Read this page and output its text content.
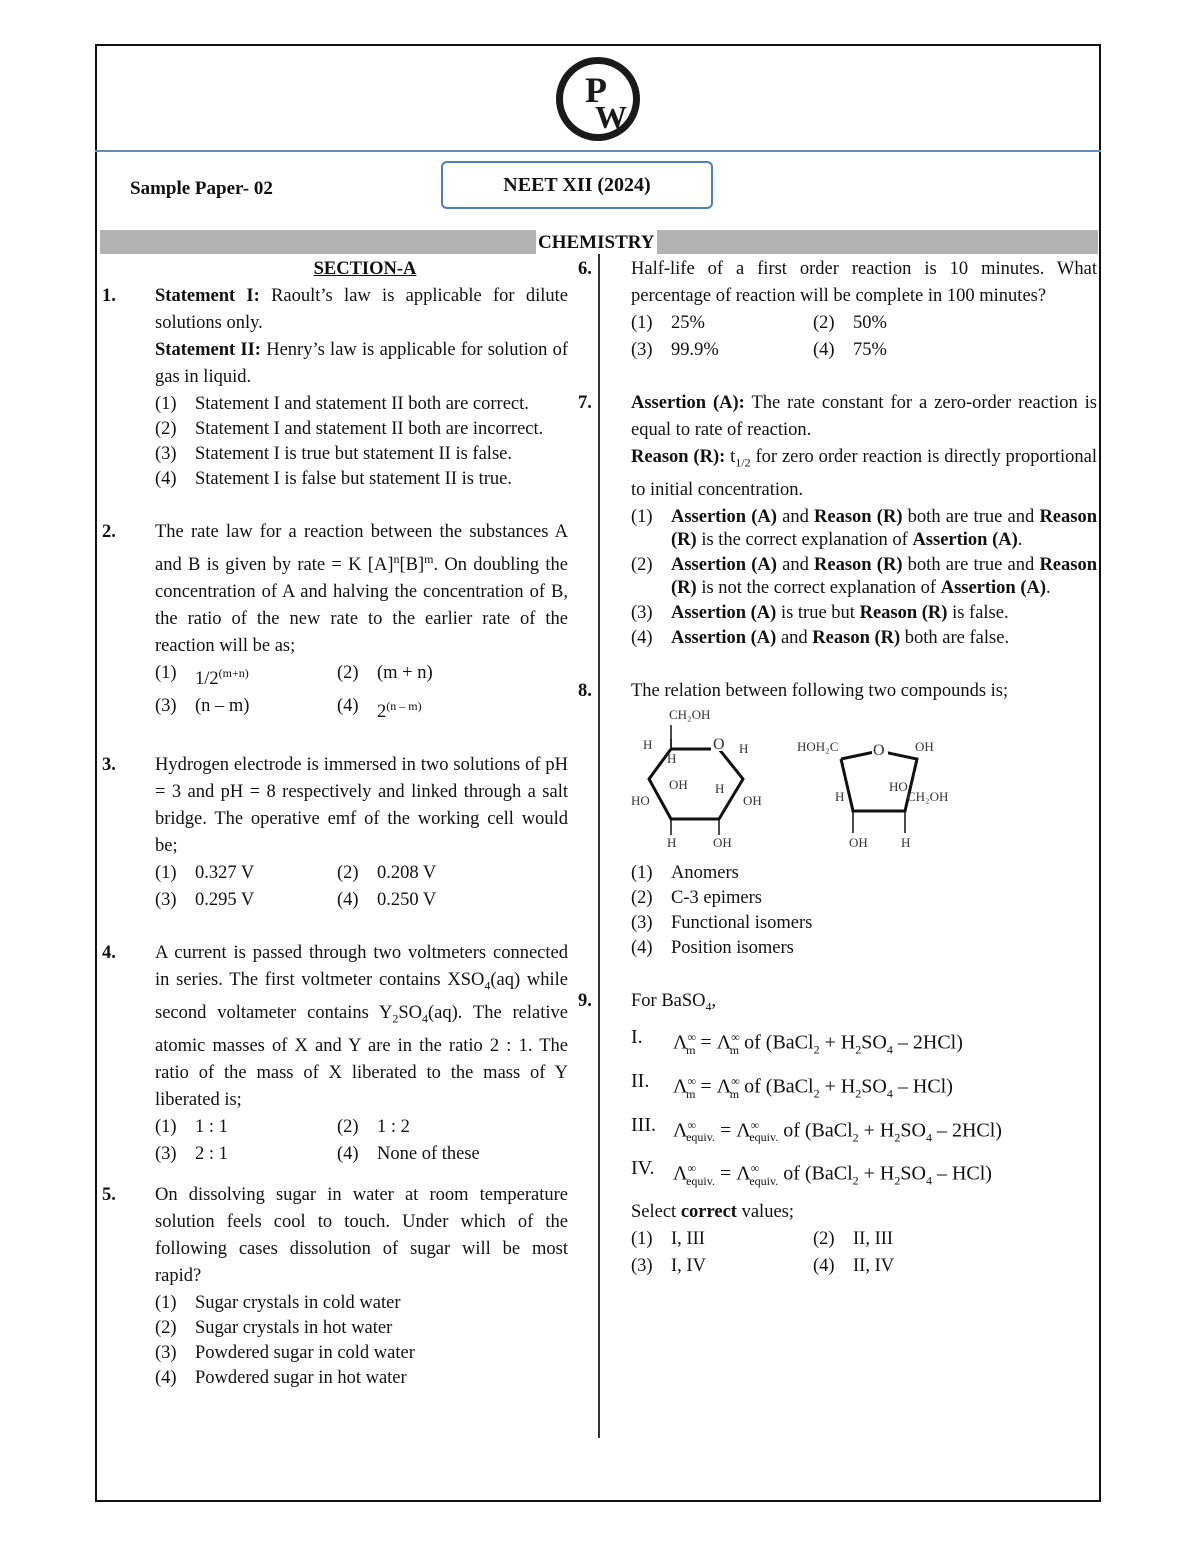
P
W
Sample Paper- 02	NEET XII (2024)
CHEMISTRY
SECTION-A
1.	Statement I: Raoult’s law is applicable for dilute solutions only.
Statement II: Henry’s law is applicable for solution of gas in liquid.
(1) Statement I and statement II both are correct.
(2) Statement I and statement II both are incorrect.
(3) Statement I is true but statement II is false.
(4) Statement I is false but statement II is true.
2.	The rate law for a reaction between the substances A and B is given by rate = K $[A]^n[B]^m$. On doubling the concentration of A and halving the concentration of B, the ratio of the new rate to the earlier rate of the reaction will be as;
(1) $1/2^{(m+n)}$	(2) (m + n)
(3) (n – m)	(4) 2$^{(n - m)}$
3.	Hydrogen electrode is immersed in two solutions of pH = 3 and pH = 8 respectively and linked through a salt bridge. The operative emf of the working cell would be;
(1) 0.327 V	(2) 0.208 V
(3) 0.295 V	(4) 0.250 V
4.	A current is passed through two voltmeters connected in series. The first voltmeter contains $XSO_4(aq)$ while second voltameter contains $Y_2SO_4(aq)$. The relative atomic masses of X and Y are in the ratio 2 : 1. The ratio of the mass of X liberated to the mass of Y liberated is;
(1) 1 : 1	(2) 1 : 2
(3) 2 : 1	(4) None of these
5.	On dissolving sugar in water at room temperature solution feels cool to touch. Under which of the following cases dissolution of sugar will be most rapid?
(1) Sugar crystals in cold water
(2) Sugar crystals in hot water
(3) Powdered sugar in cold water
(4) Powdered sugar in hot water
6.	Half-life of a first order reaction is 10 minutes. What percentage of reaction will be complete in 100 minutes?
(1) 25%	(2) 50%
(3) 99.9%	(4) 75%
7.	Assertion (A): The rate constant for a zero-order reaction is equal to rate of reaction.
Reason (R): $t_{1/2}$ for zero order reaction is directly proportional to initial concentration.
(1) Assertion (A) and Reason (R) both are true and Reason (R) is the correct explanation of Assertion (A).
(2) Assertion (A) and Reason (R) both are true and Reason (R) is not the correct explanation of Assertion (A).
(3) Assertion (A) is true but Reason (R) is false.
(4) Assertion (A) and Reason (R) both are false.
8.	The relation between following two compounds is;
CH₂OH
H
H
O H
OH H
HO	OH
H	OH
HOH₂C O OH
H
HO
CH₂OH
OH	H
(1) Anomers
(2) C-3 epimers
(3) Functional isomers
(4) Position isomers
9.	For BaSO$_4$,
I.	$\Lambda^\infty_m = \Lambda^\infty_m$ of (BaCl$_2$ + $H_2SO_4 - 2HCl$)
II.	$\Lambda^\infty_m = \Lambda^\infty_m$ of (BaCl$_2$ + $H_2SO_4 - HCl$)
III. $\Lambda^\infty_{equiv.} = \Lambda^\infty_{equiv.}$ of (BaCl$_2$ + $H_2SO_4 - 2HCl$)
IV. $\Lambda^\infty_{equiv.} = \Lambda^\infty_{equiv.}$ of (BaCl$_2$ + $H_2SO_4 - HCl$)
Select correct values;
(1) I, III	(2) II, III
(3) I, IV	(4) II, IV
